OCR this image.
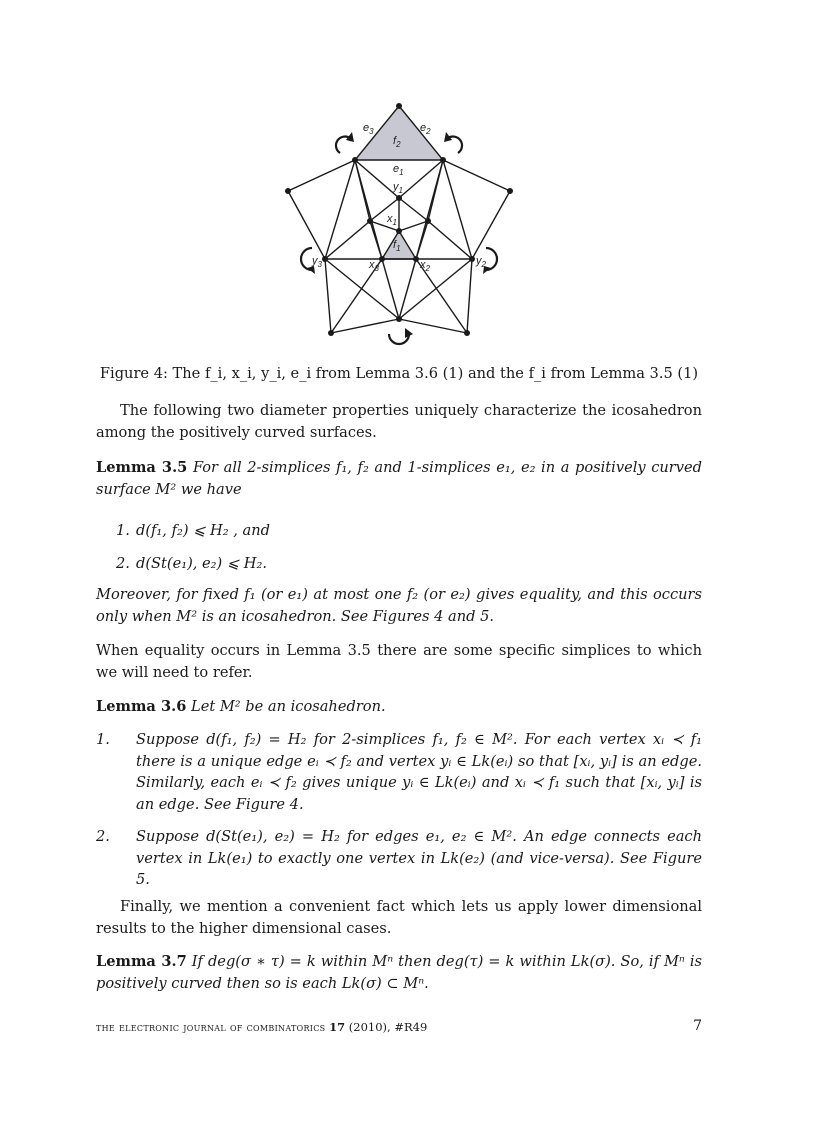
$e_3$	$e_2$
$f_2$
$e_1$
$y_1$
$x_1$
$f_1$
$x_3$	$x_2$
$y_3$	$y_2$
Figure 4: The f_i, x_i, y_i, e_i from Lemma 3.6 (1) and the f_i from Lemma 3.5 (1)

The following two diameter properties uniquely characterize the icosahedron among the positively curved surfaces.

Lemma 3.5 For all 2-simplices f₁, f₂ and 1-simplices e₁, e₂ in a positively curved surface M² we have
1. d(f₁, f₂) ⩽ H₂ , and
2. d(St(e₁), e₂) ⩽ H₂.

Moreover, for fixed f₁ (or e₁) at most one f₂ (or e₂) gives equality, and this occurs only when M² is an icosahedron. See Figures 4 and 5.

When equality occurs in Lemma 3.5 there are some specific simplices to which we will need to refer.

Lemma 3.6 Let M² be an icosahedron.
1. Suppose d(f₁, f₂) = H₂ for 2-simplices f₁, f₂ ∈ M². For each vertex xᵢ ≺ f₁ there is a unique edge eᵢ ≺ f₂ and vertex yᵢ ∈ Lk(eᵢ) so that [xᵢ, yᵢ] is an edge. Similarly, each eᵢ ≺ f₂ gives unique yᵢ ∈ Lk(eᵢ) and xᵢ ≺ f₁ such that [xᵢ, yᵢ] is an edge. See Figure 4.
2. Suppose d(St(e₁), e₂) = H₂ for edges e₁, e₂ ∈ M². An edge connects each vertex in Lk(e₁) to exactly one vertex in Lk(e₂) (and vice-versa). See Figure 5.

Finally, we mention a convenient fact which lets us apply lower dimensional results to the higher dimensional cases.

Lemma 3.7 If deg(σ ∗ τ) = k within Mⁿ then deg(τ) = k within Lk(σ). So, if Mⁿ is positively curved then so is each Lk(σ) ⊂ Mⁿ.
the electronic journal of combinatorics 17 (2010), #R49	7
